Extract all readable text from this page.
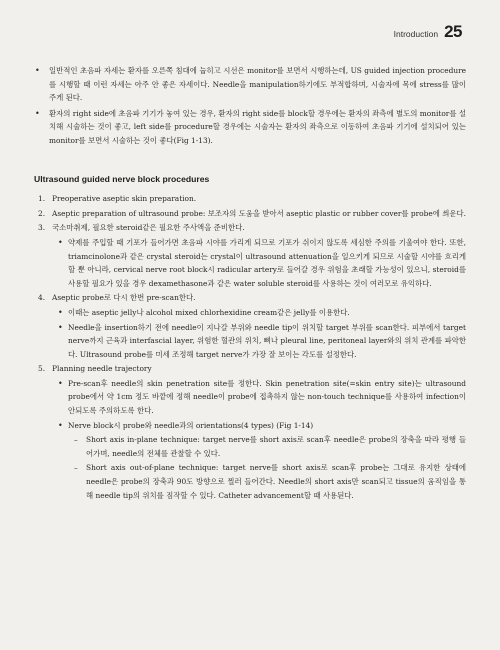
Introduction 25
•	일반적인 초음파 자세는 환자를 오른쪽 침대에 눕히고 시선은 monitor를 보면서 시행하는데, US guided injection procedure를 시행할 때 이런 자세는 아주 안 좋은 자세이다. Needle을 manipulation하기에도 부적합하며, 시술자에 목에 stress를 많이 주게 된다.
•	환자의 right side에 초음파 기기가 놓여 있는 경우, 환자의 right side를 block할 경우에는 환자의 좌측에 별도의 monitor를 설치해 시술하는 것이 좋고, left side를 procedure할 경우에는 시술자는 환자의 좌측으로 이동하여 초음파 기기에 설치되어 있는 monitor를 보면서 시술하는 것이 좋다(Fig 1-13).
Ultrasound guided nerve block procedures
1. Preoperative aseptic skin preparation.
2. Aseptic preparation of ultrasound probe: 보조자의 도움을 받아서 aseptic plastic or rubber cover를 probe에 씌운다.
3. 국소마취제, 필요한 steroid같은 필요한 주사액을 준비한다.
• 약제를 주입할 때 기포가 들어가면 초음파 시야를 가리게 되므로 기포가 쉬이지 않도록 세심한 주의를 기울여야 한다. 또한, triamcinolone과 같은 crystal steroid는 crystal이 ultrasound attenuation을 일으키게 되므로 시술할 시야를 흐리게 할 뿐 아니라, cervical nerve root block시 radicular artery로 들어갈 경우 위험을 초래할 가능성이 있으니, steroid를 사용할 필요가 있을 경우 dexamethasone과 같은 water soluble steroid를 사용하는 것이 여러모로 유익하다.
4. Aseptic probe로 다시 한번 pre-scan한다.
• 이때는 aseptic jelly나 alcohol mixed chlorhexidine cream같은 jelly를 이용한다.
• Needle을 insertion하기 전에 needle이 지나갈 부위와 needle tip이 위치할 target 부위를 scan한다. 피부에서 target nerve까지 근육과 interfascial layer, 위험한 혈관의 위치, 뼈나 pleural line, peritoneal layer와의 위치 관계를 파악한다. Ultrasound probe를 미세 조정해 target nerve가 가장 잘 보이는 각도를 설정한다.
5. Planning needle trajectory
• Pre-scan후 needle의 skin penetration site를 정한다. Skin penetration site(=skin entry site)는 ultrasound probe에서 약 1cm 정도 바깥에 정해 needle이 probe에 접촉하지 않는 non-touch technique를 사용하여 infection이 안되도록 주의하도록 한다.
• Nerve block시 probe와 needle과의 orientations(4 types) (Fig 1-14)
–	Short axis in-plane technique: target nerve를 short axis로 scan후 needle은 probe의 장축을 따라 평행 들어가며, needle의 전체를 관찰할 수 있다.
–	Short axis out-of-plane technique: target nerve를 short axis로 scan후 probe는 그대로 유지한 상태에 needle은 probe의 장축과 90도 방향으로 찔러 들어간다. Needle의 short axis만 scan되고 tissue의 움직임을 통해 needle tip의 위치를 짐작할 수 있다. Catheter advancement할 때 사용된다.
